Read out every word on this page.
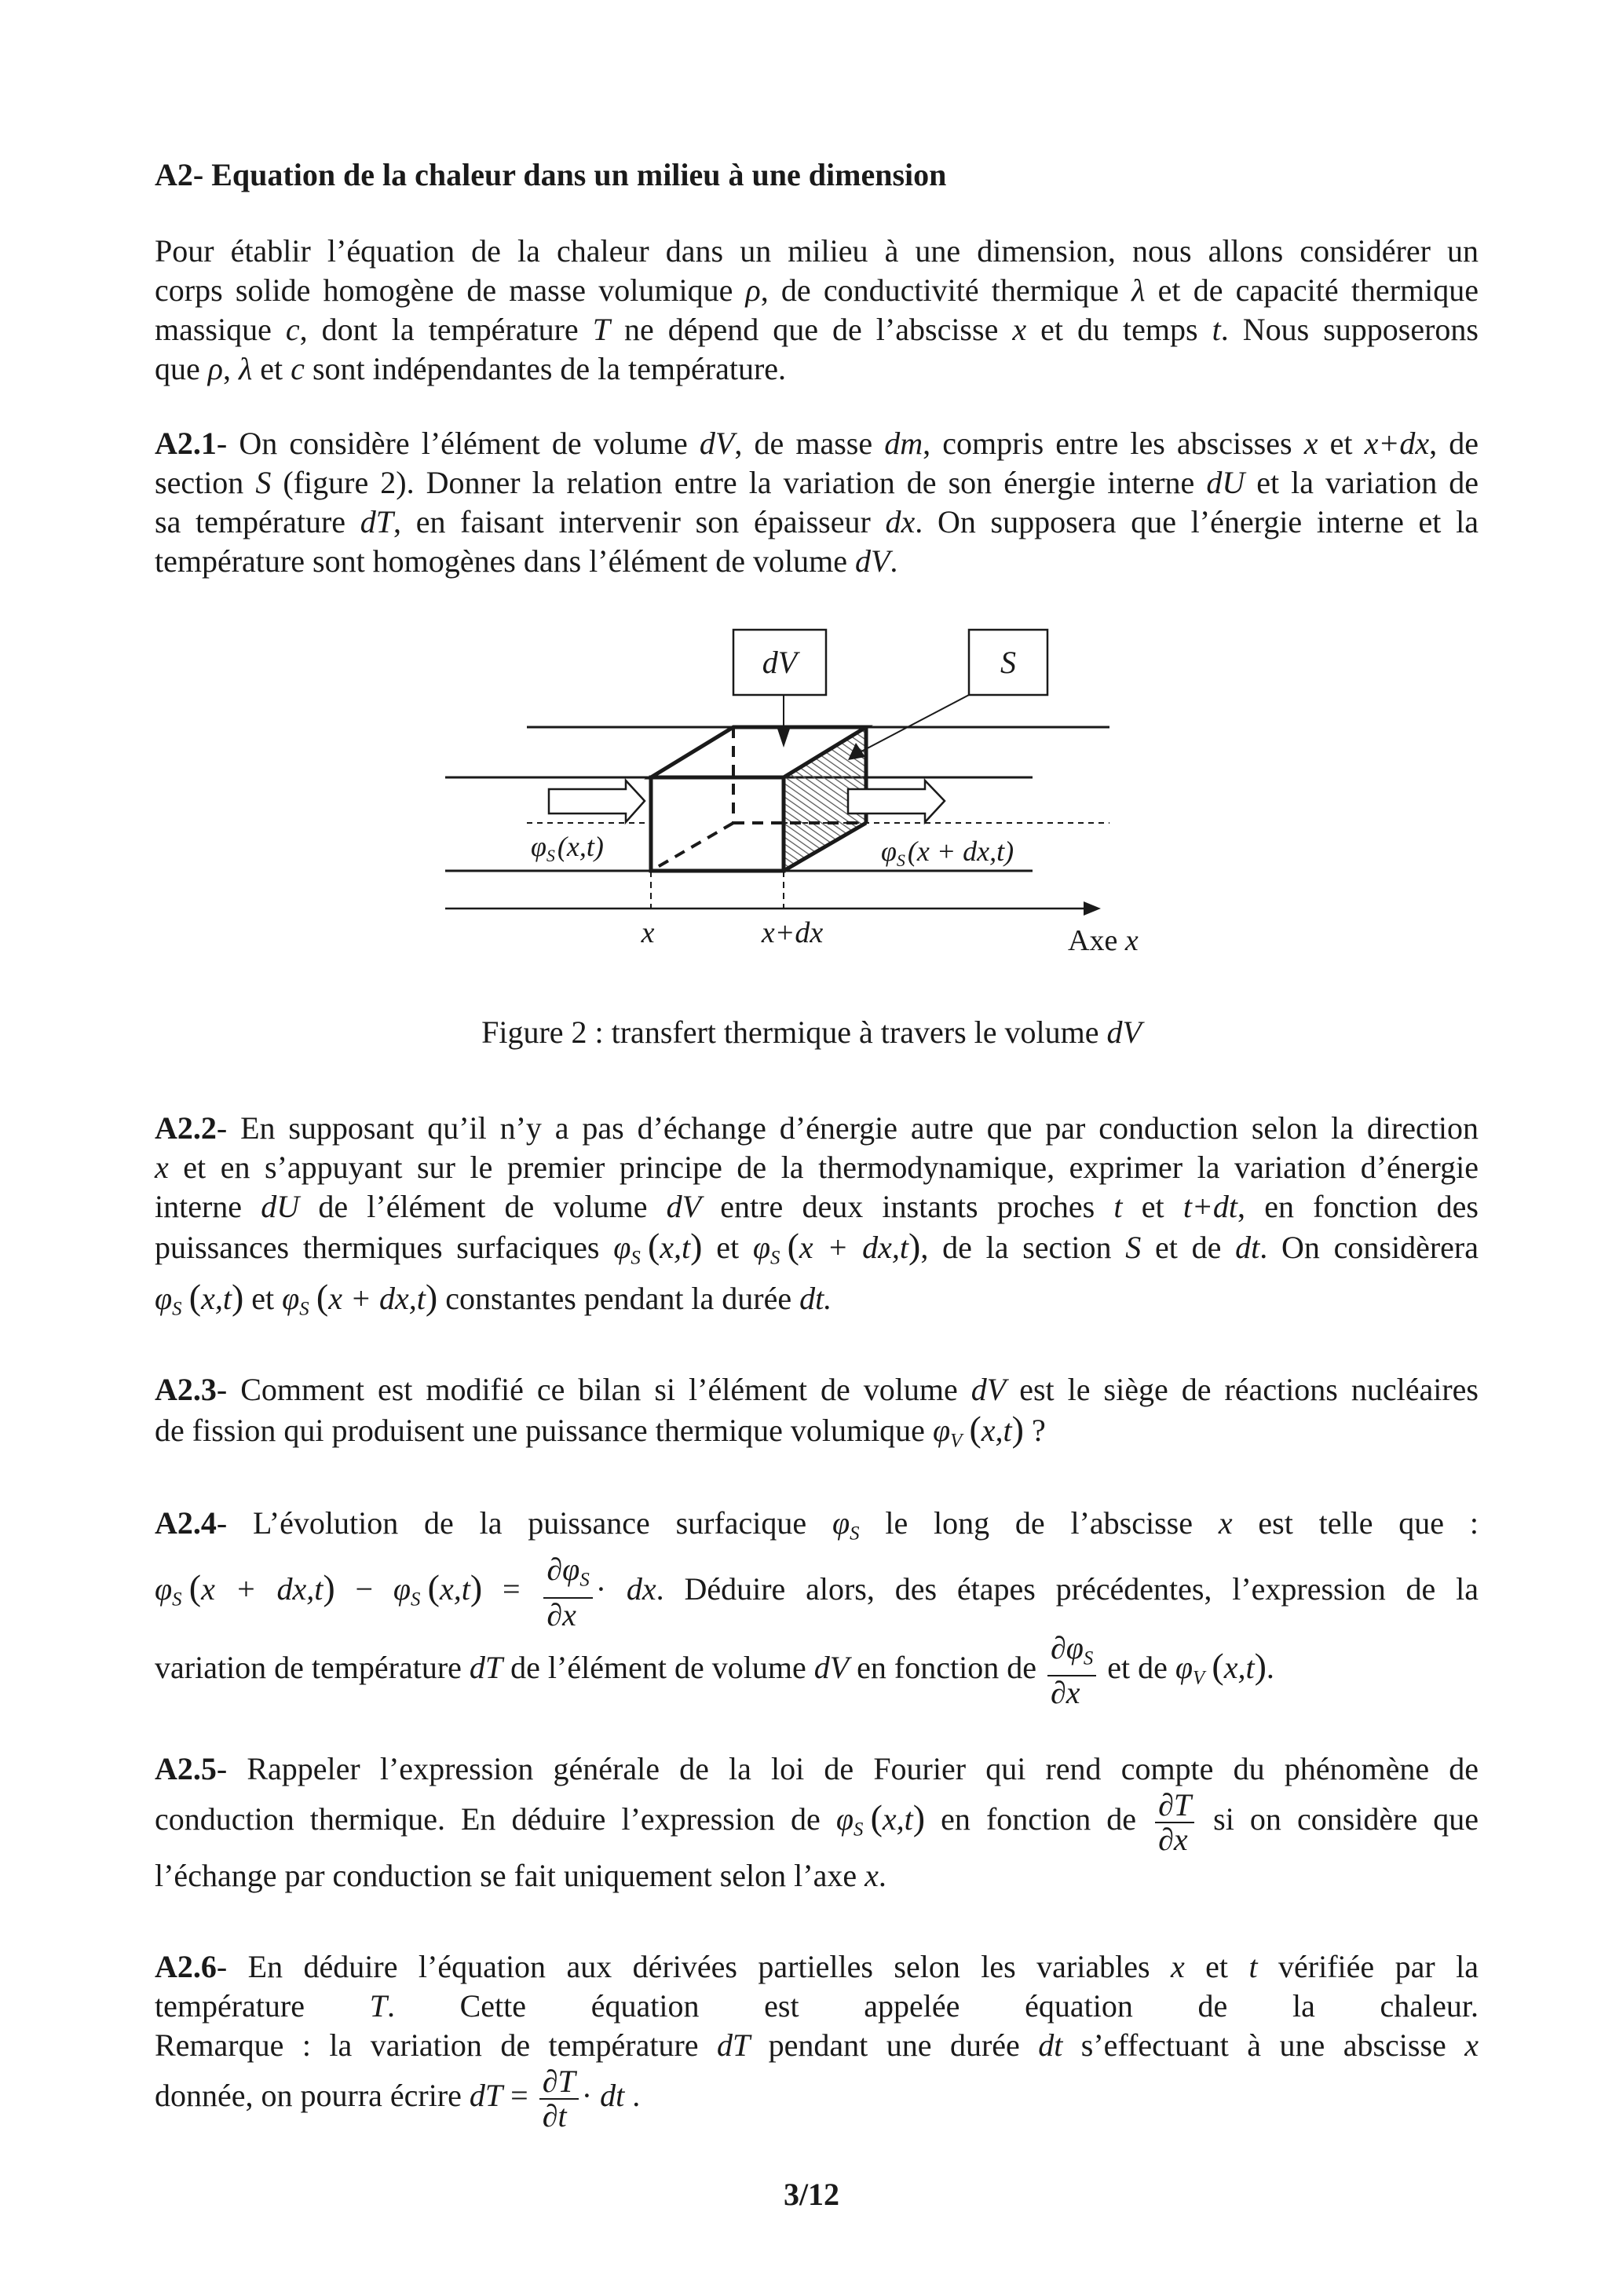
A2- Equation de la chaleur dans un milieu à une dimension
Pour établir l’équation de la chaleur dans un milieu à une dimension, nous allons considérer un
corps solide homogène de masse volumique ρ, de conductivité thermique λ et de capacité thermique
massique c, dont la température T ne dépend que de l’abscisse x et du temps t. Nous supposerons
que ρ, λ et c sont indépendantes de la température.
A2.1- On considère l’élément de volume dV, de masse dm, compris entre les abscisses x et x+dx, de
section S (figure 2). Donner la relation entre la variation de son énergie interne dU et la variation de
sa température dT, en faisant intervenir son épaisseur dx. On supposera que l’énergie interne et la
température sont homogènes dans l’élément de volume dV.
dV	S
φS(x,t)	φS(x + dx,t)
x	x+dx	Axe x
Figure 2 : transfert thermique à travers le volume dV
A2.2- En supposant qu’il n’y a pas d’échange d’énergie autre que par conduction selon la direction
x et en s’appuyant sur le premier principe de la thermodynamique, exprimer la variation d’énergie
interne dU de l’élément de volume dV entre deux instants proches t et t+dt, en fonction des
puissances thermiques surfaciques $\varphi_S$ (x,t) et $\varphi_S$ (x + dx,t), de la section S et de dt. On considèrera
$\varphi_S$ (x,t) et $\varphi_S$ (x + dx,t) constantes pendant la durée dt.
A2.3- Comment est modifié ce bilan si l’élément de volume dV est le siège de réactions nucléaires
de fission qui produisent une puissance thermique volumique $\varphi_V$ (x,t) ?
A2.4- L’évolution de la puissance surfacique $\varphi_S$ le long de l’abscisse x est telle que :
$\varphi_S$ $(x + dx,t) - \varphi_S$ $(x,t) = \frac{\partial\varphi_S}{\partial x}$ · dx. Déduire alors, des étapes précédentes, l’expression de la
variation de température dT de l’élément de volume dV en fonction de $\frac{\partial\varphi_S}{\partial x}$ et de $\varphi_V$ (x,t).
A2.5- Rappeler l’expression générale de la loi de Fourier qui rend compte du phénomène de
conduction thermique. En déduire l’expression de $\varphi_S$ (x,t) en fonction de $\frac{\partial T}{\partial x}$ si on considère que
l’échange par conduction se fait uniquement selon l’axe x.
A2.6- En déduire l’équation aux dérivées partielles selon les variables x et t vérifiée par la
température T. Cette équation est appelée équation de la chaleur.
Remarque : la variation de température dT pendant une durée dt s’effectuant à une abscisse x
donnée, on pourra écrire dT = $\frac{\partial T}{\partial t}$ · dt .
3/12
